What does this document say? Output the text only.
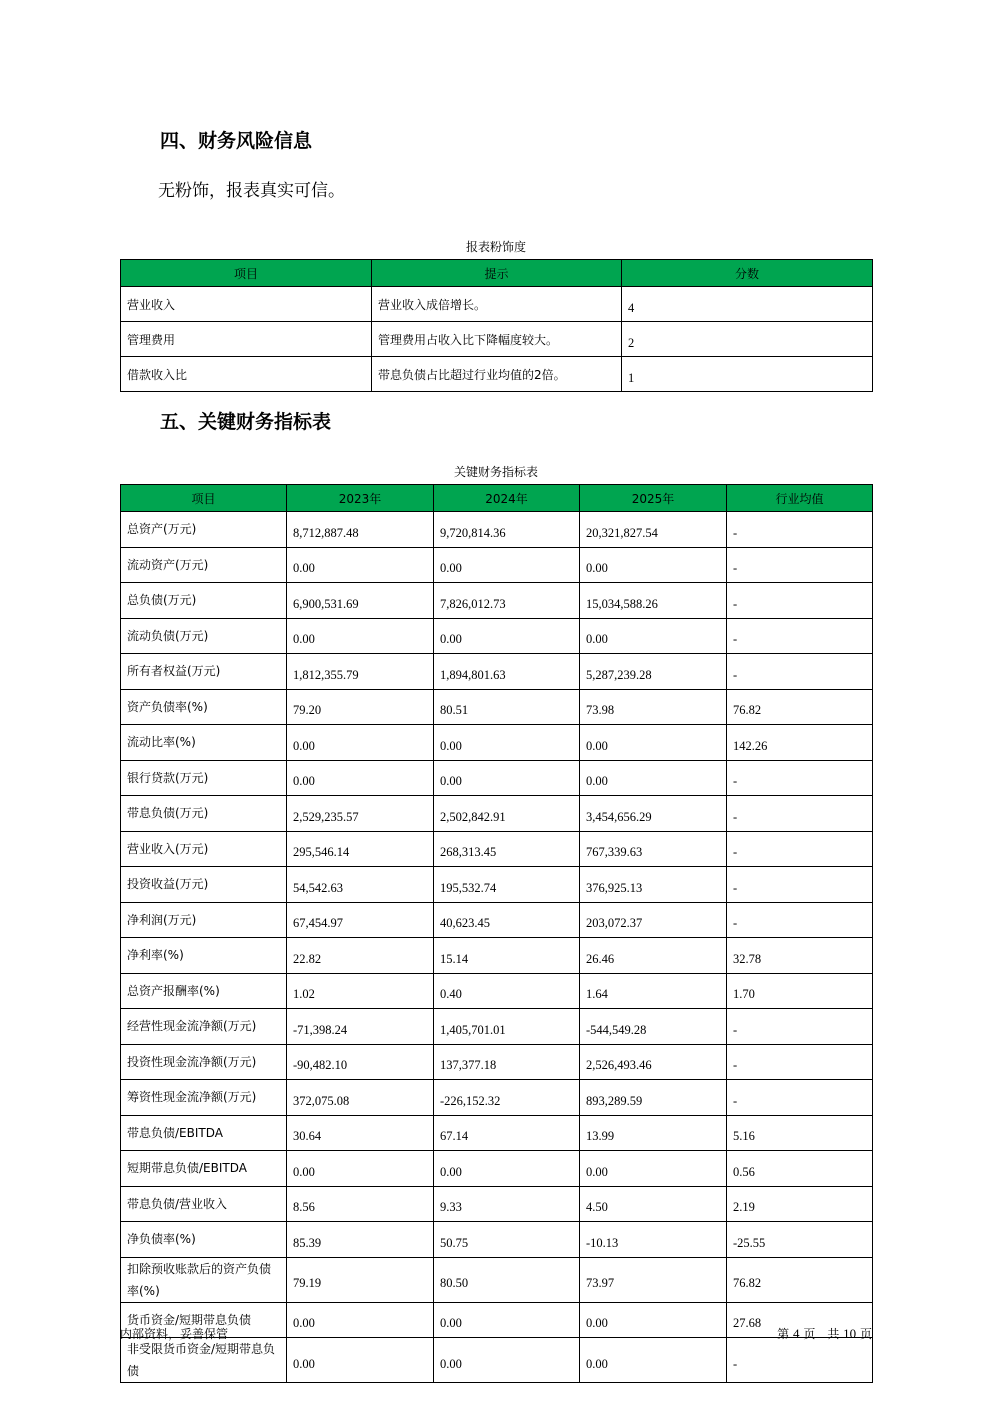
四、财务风险信息
无粉饰，报表真实可信。
报表粉饰度
项目	提示	分数
营业收入	营业收入成倍增长。	4
管理费用	管理费用占收入比下降幅度较大。	2
借款收入比	带息负债占比超过行业均值的2倍。	1
五、关键财务指标表
关键财务指标表
项目	2023年	2024年	2025年	行业均值
总资产(万元)	8,712,887.48	9,720,814.36	20,321,827.54	-
流动资产(万元)	0.00	0.00	0.00	-
总负债(万元)	6,900,531.69	7,826,012.73	15,034,588.26	-
流动负债(万元)	0.00	0.00	0.00	-
所有者权益(万元)	1,812,355.79	1,894,801.63	5,287,239.28	-
资产负债率(%)	79.20	80.51	73.98	76.82
流动比率(%)	0.00	0.00	0.00	142.26
银行贷款(万元)	0.00	0.00	0.00	-
带息负债(万元)	2,529,235.57	2,502,842.91	3,454,656.29	-
营业收入(万元)	295,546.14	268,313.45	767,339.63	-
投资收益(万元)	54,542.63	195,532.74	376,925.13	-
净利润(万元)	67,454.97	40,623.45	203,072.37	-
净利率(%)	22.82	15.14	26.46	32.78
总资产报酬率(%)	1.02	0.40	1.64	1.70
经营性现金流净额(万元)	-71,398.24	1,405,701.01	-544,549.28	-
投资性现金流净额(万元)	-90,482.10	137,377.18	2,526,493.46	-
筹资性现金流净额(万元)	372,075.08	-226,152.32	893,289.59	-
带息负债/EBITDA	30.64	67.14	13.99	5.16
短期带息负债/EBITDA	0.00	0.00	0.00	0.56
带息负债/营业收入	8.56	9.33	4.50	2.19
净负债率(%)	85.39	50.75	-10.13	-25.55
扣除预收账款后的资产负债率(%)	79.19	80.50	73.97	76.82
货币资金/短期带息负债	0.00	0.00	0.00	27.68
非受限货币资金/短期带息负债	0.00	0.00	0.00	-
内部资料，妥善保管	第 4 页　共 10 页
